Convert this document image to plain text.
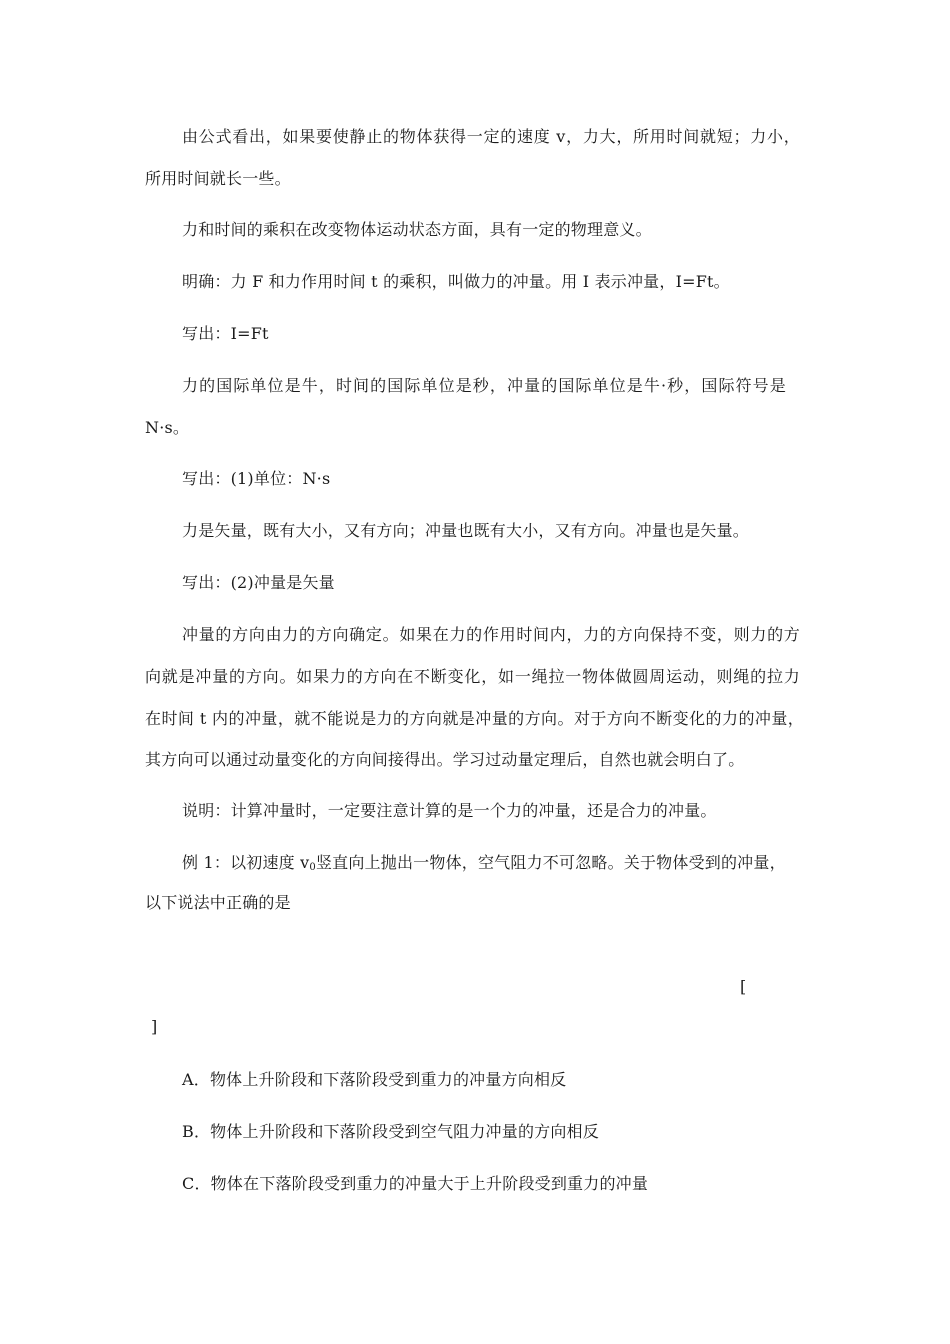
由公式看出，如果要使静止的物体获得一定的速度 v，力大，所用时间就短；力小，
所用时间就长一些。
力和时间的乘积在改变物体运动状态方面，具有一定的物理意义。
明确：力 F 和力作用时间 t 的乘积，叫做力的冲量。用 I 表示冲量，I=Ft。
写出：I=Ft
力的国际单位是牛，时间的国际单位是秒，冲量的国际单位是牛·秒，国际符号是
N·s。
写出：(1)单位：N·s
力是矢量，既有大小，又有方向；冲量也既有大小，又有方向。冲量也是矢量。
写出：(2)冲量是矢量
冲量的方向由力的方向确定。如果在力的作用时间内，力的方向保持不变，则力的方
向就是冲量的方向。如果力的方向在不断变化，如一绳拉一物体做圆周运动，则绳的拉力
在时间 t 内的冲量，就不能说是力的方向就是冲量的方向。对于方向不断变化的力的冲量，
其方向可以通过动量变化的方向间接得出。学习过动量定理后，自然也就会明白了。
说明：计算冲量时，一定要注意计算的是一个力的冲量，还是合力的冲量。
例 1：以初速度 $v_0$竖直向上抛出一物体，空气阻力不可忽略。关于物体受到的冲量，
以下说法中正确的是
[
]
A．物体上升阶段和下落阶段受到重力的冲量方向相反
B．物体上升阶段和下落阶段受到空气阻力冲量的方向相反
C．物体在下落阶段受到重力的冲量大于上升阶段受到重力的冲量
